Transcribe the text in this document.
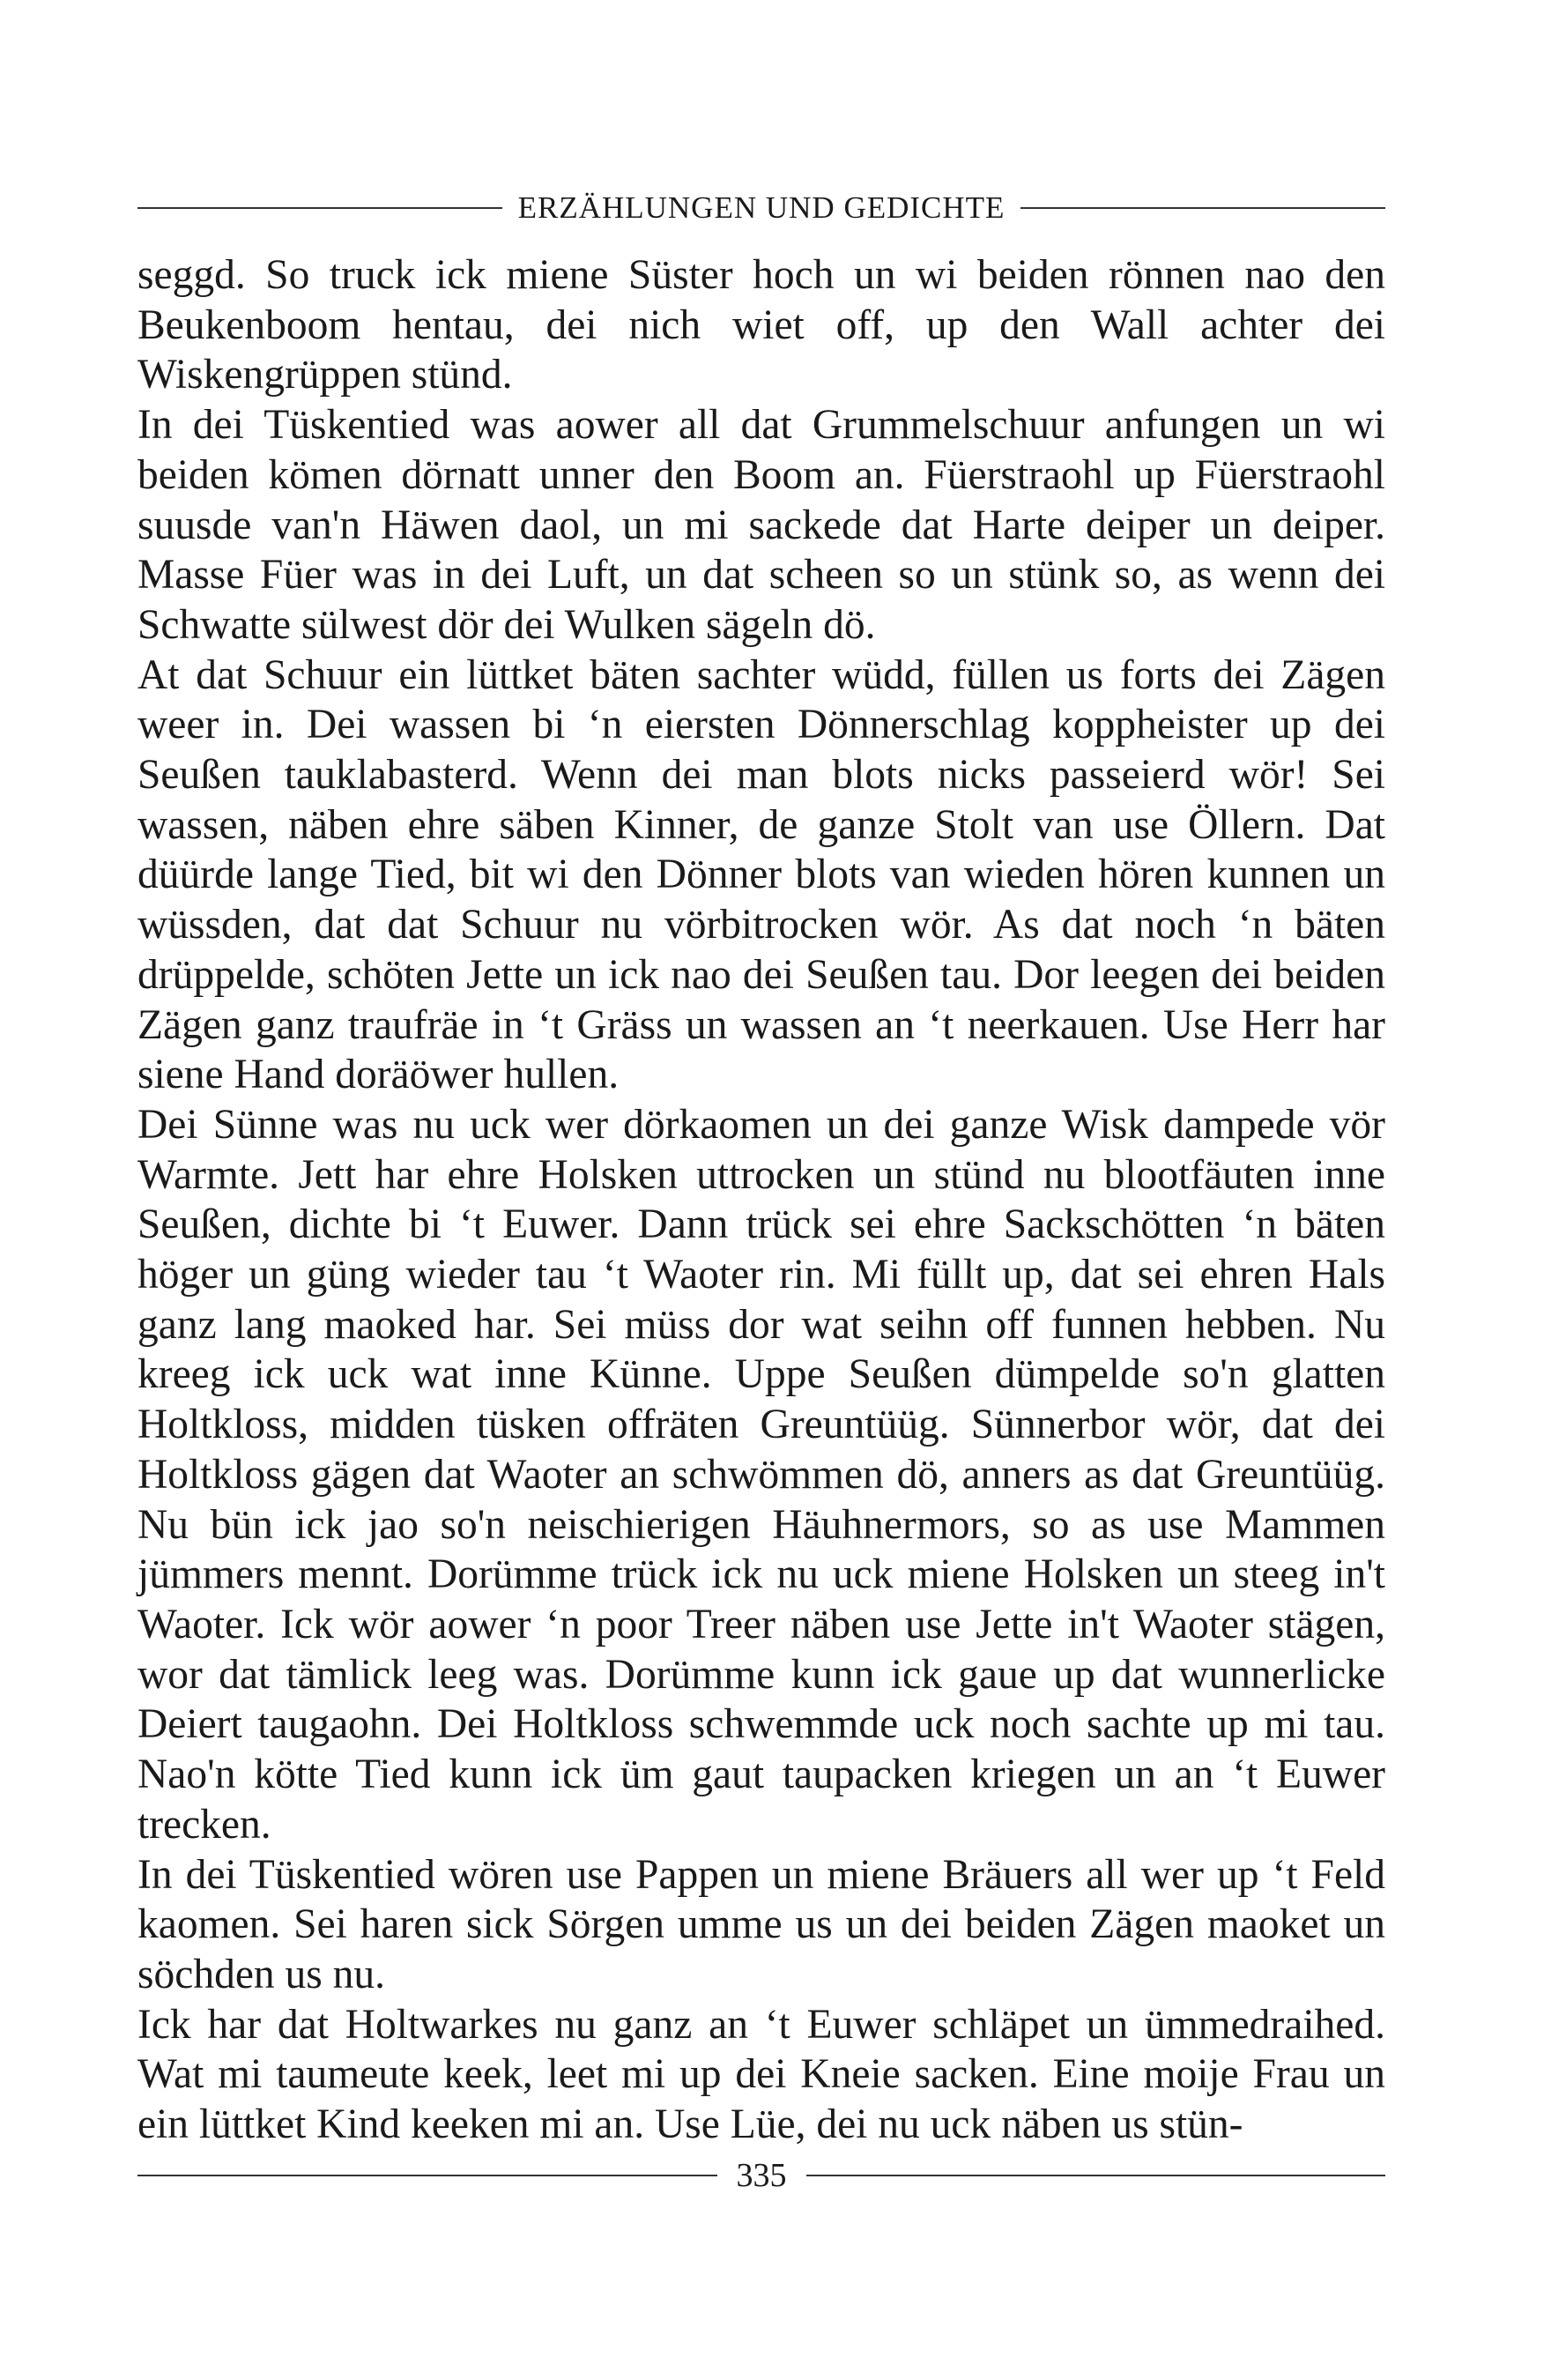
ERZÄHLUNGEN UND GEDICHTE

seggd. So truck ick miene Süster hoch un wi beiden rönnen nao den Beukenboom hentau, dei nich wiet off, up den Wall achter dei Wiskengrüppen stünd.

In dei Tüskentied was aower all dat Grummelschuur anfungen un wi beiden kömen dörnatt unner den Boom an. Füerstraohl up Füerstraohl suusde van'n Häwen daol, un mi sackede dat Harte deiper un deiper. Masse Füer was in dei Luft, un dat scheen so un stünk so, as wenn dei Schwatte sülwest dör dei Wulken sägeln dö.

At dat Schuur ein lüttket bäten sachter wüdd, füllen us forts dei Zägen weer in. Dei wassen bi ‘n eiersten Dönnerschlag koppheister up dei Seußen tauklabasterd. Wenn dei man blots nicks passeierd wör! Sei wassen, näben ehre säben Kinner, de ganze Stolt van use Öllern. Dat düürde lange Tied, bit wi den Dönner blots van wieden hören kunnen un wüssden, dat dat Schuur nu vörbitrocken wör. As dat noch ‘n bäten drüppelde, schöten Jette un ick nao dei Seußen tau. Dor leegen dei beiden Zägen ganz traufräe in ‘t Gräss un wassen an ‘t neerkauen. Use Herr har siene Hand doräöwer hullen.

Dei Sünne was nu uck wer dörkaomen un dei ganze Wisk dampede vör Warmte. Jett har ehre Holsken uttrocken un stünd nu blootfäuten inne Seußen, dichte bi ‘t Euwer. Dann trück sei ehre Sackschötten ‘n bäten höger un güng wieder tau ‘t Waoter rin. Mi füllt up, dat sei ehren Hals ganz lang maoked har. Sei müss dor wat seihn off funnen hebben. Nu kreeg ick uck wat inne Künne. Uppe Seußen dümpelde so'n glatten Holtkloss, midden tüsken offräten Greuntüüg. Sünnerbor wör, dat dei Holtkloss gägen dat Waoter an schwömmen dö, anners as dat Greuntüüg. Nu bün ick jao so'n neischierigen Häuhnermors, so as use Mammen jümmers mennt. Dorümme trück ick nu uck miene Holsken un steeg in't Waoter. Ick wör aower ‘n poor Treer näben use Jette in't Waoter stägen, wor dat tämlick leeg was. Dorümme kunn ick gaue up dat wunnerlicke Deiert taugaohn. Dei Holtkloss schwemmde uck noch sachte up mi tau. Nao'n kötte Tied kunn ick üm gaut taupacken kriegen un an ‘t Euwer trecken.

In dei Tüskentied wören use Pappen un miene Bräuers all wer up ‘t Feld kaomen. Sei haren sick Sörgen umme us un dei beiden Zägen maoket un söchden us nu.

Ick har dat Holtwarkes nu ganz an ‘t Euwer schläpet un ümmedraihed. Wat mi taumeute keek, leet mi up dei Kneie sacken. Eine moije Frau un ein lüttket Kind keeken mi an. Use Lüe, dei nu uck näben us stün-

335
